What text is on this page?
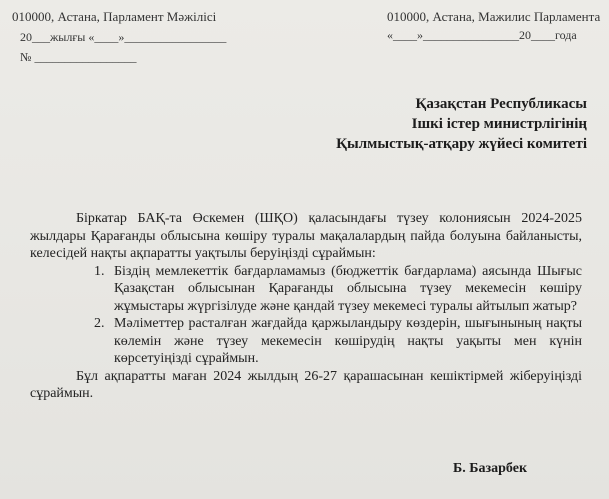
010000, Астана, Парламент Мәжілісі	010000, Астана, Мажилис Парламента
20___жылғы «____»_________________	«____»________________20____года
№ _________________
Қазақстан Республикасы
Ішкі істер министрлігінің
Қылмыстық-атқару жүйесі комитеті

Біркатар БАҚ-та Өскемен (ШҚО) қаласындағы түзеу колониясын 2024-2025 жылдары Қарағанды облысына көшіру туралы мақалалардың пайда болуына байланысты, келесідей нақты ақпаратты уақтылы беруіңізді сұраймын:

1. Біздің мемлекеттік бағдарламамыз (бюджеттік бағдарлама) аясында Шығыс Қазақстан облысынан Қарағанды облысына түзеу мекемесін көшіру жұмыстары жүргізілуде және қандай түзеу мекемесі туралы айтылып жатыр?
2. Мәліметтер расталған жағдайда қаржыландыру көздерін, шығынының нақты көлемін және түзеу мекемесін көшірудің нақты уақыты мен күнін көрсетуіңізді сұраймын.

Бұл ақпаратты маған 2024 жылдың 26-27 қарашасынан кешіктірмей жіберуіңізді сұраймын.

Б. Базарбек
